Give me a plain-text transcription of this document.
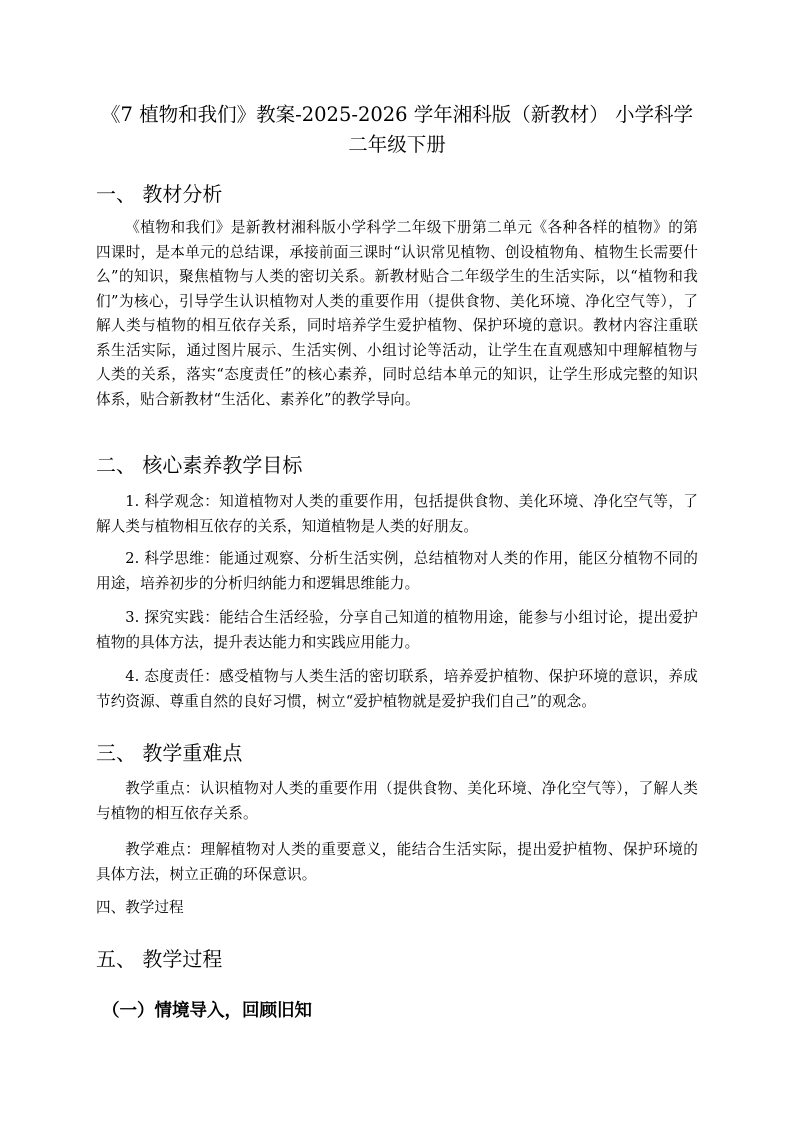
《7 植物和我们》教案-2025-2026 学年湘科版（新教材） 小学科学二年级下册
一、 教材分析
《植物和我们》是新教材湘科版小学科学二年级下册第二单元《各种各样的植物》的第四课时，是本单元的总结课，承接前面三课时“认识常见植物、创设植物角、植物生长需要什么”的知识，聚焦植物与人类的密切关系。新教材贴合二年级学生的生活实际，以“植物和我们”为核心，引导学生认识植物对人类的重要作用（提供食物、美化环境、净化空气等），了解人类与植物的相互依存关系，同时培养学生爱护植物、保护环境的意识。教材内容注重联系生活实际，通过图片展示、生活实例、小组讨论等活动，让学生在直观感知中理解植物与人类的关系，落实“态度责任”的核心素养，同时总结本单元的知识，让学生形成完整的知识体系，贴合新教材“生活化、素养化”的教学导向。
二、 核心素养教学目标
1. 科学观念：知道植物对人类的重要作用，包括提供食物、美化环境、净化空气等，了解人类与植物相互依存的关系，知道植物是人类的好朋友。
2. 科学思维：能通过观察、分析生活实例，总结植物对人类的作用，能区分植物不同的用途，培养初步的分析归纳能力和逻辑思维能力。
3. 探究实践：能结合生活经验，分享自己知道的植物用途，能参与小组讨论，提出爱护植物的具体方法，提升表达能力和实践应用能力。
4. 态度责任：感受植物与人类生活的密切联系，培养爱护植物、保护环境的意识，养成节约资源、尊重自然的良好习惯，树立“爱护植物就是爱护我们自己”的观念。
三、 教学重难点
教学重点：认识植物对人类的重要作用（提供食物、美化环境、净化空气等），了解人类与植物的相互依存关系。
教学难点：理解植物对人类的重要意义，能结合生活实际，提出爱护植物、保护环境的具体方法，树立正确的环保意识。
四、教学过程
五、 教学过程
（一）情境导入，回顾旧知
